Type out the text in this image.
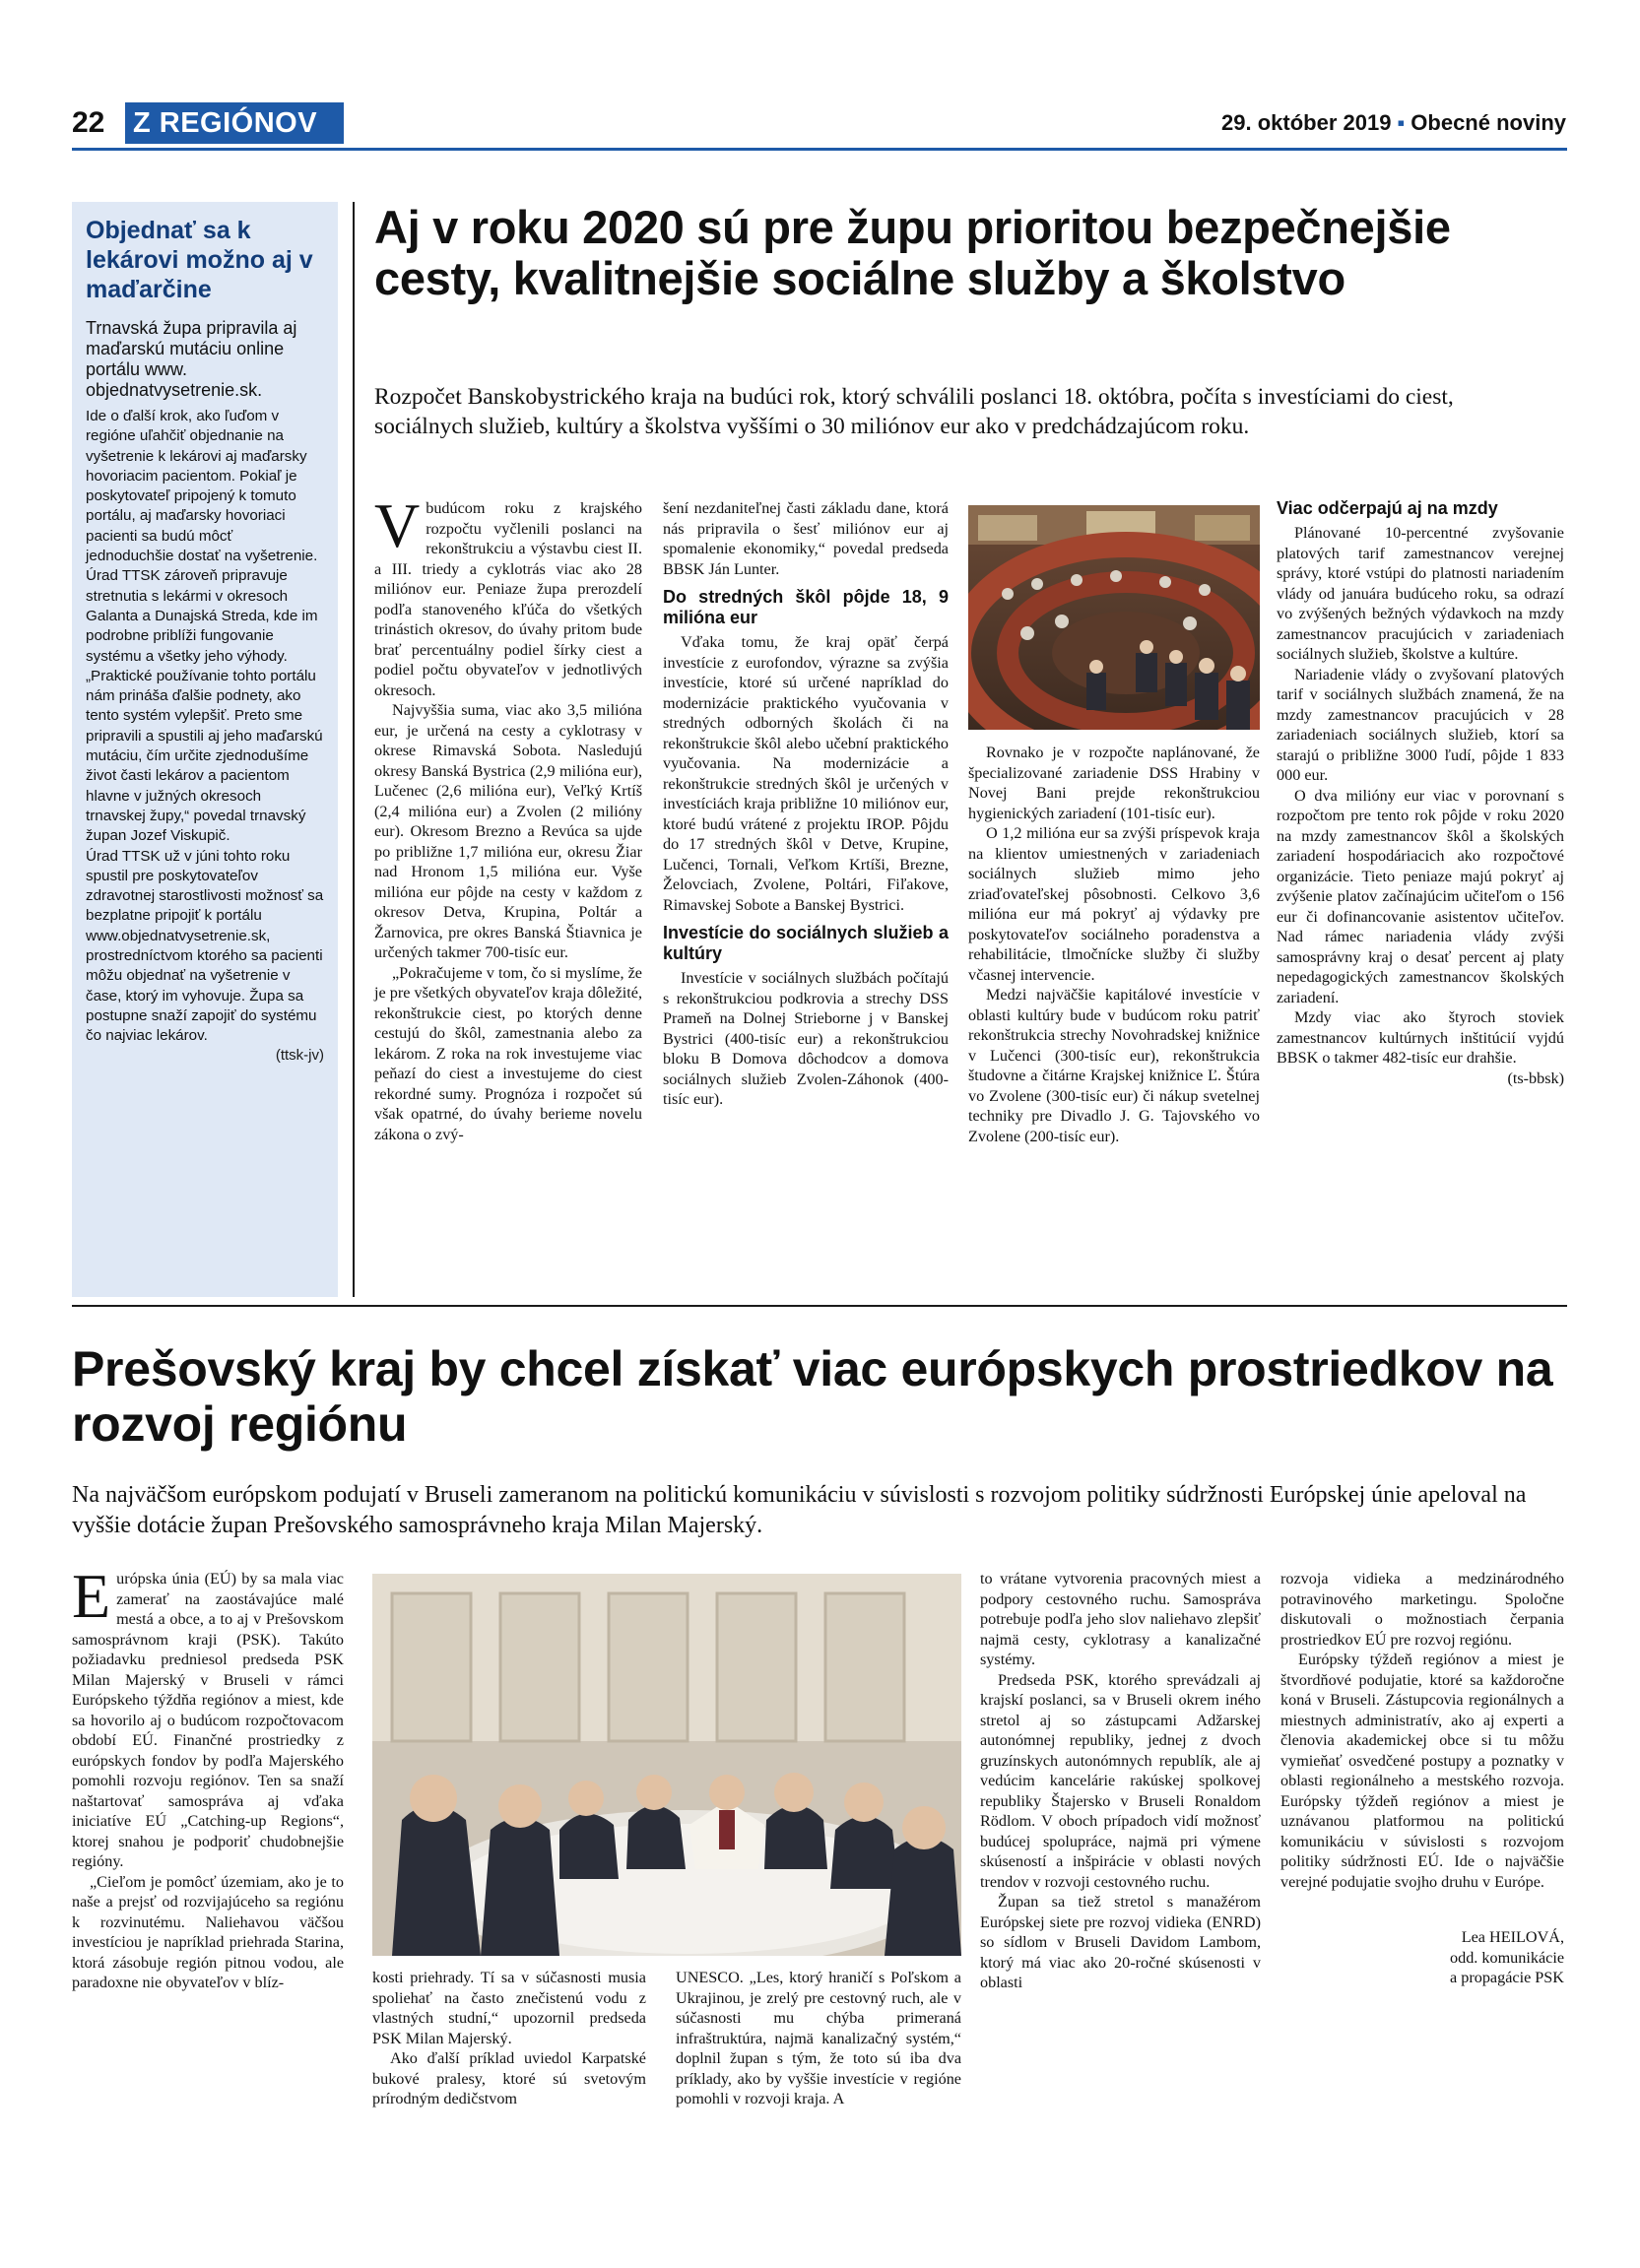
22 Z REGIÓNOV	29. október 2019 ▪ Obecné noviny
Objednať sa k lekárovi možno aj v maďarčine
Trnavská župa pripravila aj maďarskú mutáciu online portálu www. objednatvysetrenie.sk.

Ide o ďalší krok, ako ľuďom v regióne uľahčiť objednanie na vyšetrenie k lekárovi aj maďarsky hovoriacim pacientom. Pokiaľ je poskytovateľ pripojený k tomuto portálu, aj maďarsky hovoriaci pacienti sa budú môcť jednoduchšie dostať na vyšetrenie. Úrad TTSK zároveň pripravuje stretnutia s lekármi v okresoch Galanta a Dunajská Streda, kde im podrobne priblíži fungovanie systému a všetky jeho výhody.

„Praktické používanie tohto portálu nám prináša ďalšie podnety, ako tento systém vylepšiť. Preto sme pripravili a spustili aj jeho maďarskú mutáciu, čím určite zjednodušíme život časti lekárov a pacientom hlavne v južných okresoch trnavskej župy,“ povedal trnavský župan Jozef Viskupič.

Úrad TTSK už v júni tohto roku spustil pre poskytovateľov zdravotnej starostlivosti možnosť sa bezplatne pripojiť k portálu www.objednatvysetrenie.sk, prostredníctvom ktorého sa pacienti môžu objednať na vyšetrenie v čase, ktorý im vyhovuje. Župa sa postupne snaží zapojiť do systému čo najviac lekárov.

(ttsk-jv)

Aj v roku 2020 sú pre župu prioritou bezpečnejšie cesty, kvalitnejšie sociálne služby a školstvo
Rozpočet Banskobystrického kraja na budúci rok, ktorý schválili poslanci 18. októbra, počíta s investíciami do ciest, sociálnych služieb, kultúry a školstva vyššími o 30 miliónov eur ako v predchádzajúcom roku.

Vbudúcom roku z krajského rozpočtu vyčlenili poslanci na rekonštrukciu a výstavbu ciest II. a III. triedy a cyklotrás viac ako 28 miliónov eur. Peniaze župa prerozdelí podľa stanoveného kľúča do všetkých trinástich okresov, do úvahy pritom bude brať percentuálny podiel šírky ciest a podiel počtu obyvateľov v jednotlivých okresoch.

Najvyššia suma, viac ako 3,5 milióna eur, je určená na cesty a cyklotrasy v okrese Rimavská Sobota. Nasledujú okresy Banská Bystrica (2,9 milióna eur), Lučenec (2,6 milióna eur), Veľký Krtíš (2,4 milióna eur) a Zvolen (2 milióny eur). Okresom Brezno a Revúca sa ujde po približne 1,7 milióna eur, okresu Žiar nad Hronom 1,5 milióna eur. Vyše milióna eur pôjde na cesty v každom z okresov Detva, Krupina, Poltár a Žarnovica, pre okres Banská Štiavnica je určených takmer 700-tisíc eur.

„Pokračujeme v tom, čo si myslíme, že je pre všetkých obyvateľov kraja dôležité, rekonštrukcie ciest, po ktorých denne cestujú do škôl, zamestnania alebo za lekárom. Z roka na rok investujeme viac peňazí do ciest a investujeme do ciest rekordné sumy. Prognóza i rozpočet sú však opatrné, do úvahy berieme novelu zákona o zvý-

šení nezdaniteľnej časti základu dane, ktorá nás pripravila o šesť miliónov eur aj spomalenie ekonomiky,“ povedal predseda BBSK Ján Lunter.

Do stredných škôl pôjde 18, 9 milióna eur

Vďaka tomu, že kraj opäť čerpá investície z eurofondov, výrazne sa zvýšia investície, ktoré sú určené napríklad do modernizácie praktického vyučovania v stredných odborných školách či na rekonštrukcie škôl alebo učební praktického vyučovania. Na modernizácie a rekonštrukcie stredných škôl je určených v investíciách kraja približne 10 miliónov eur, ktoré budú vrátené z projektu IROP. Pôjdu do 17 stredných škôl v Detve, Krupine, Lučenci, Tornali, Veľkom Krtíši, Brezne, Želovciach, Zvolene, Poltári, Fiľakove, Rimavskej Sobote a Banskej Bystrici.

Investície do sociálnych služieb a kultúry

Investície v sociálnych službách počítajú s rekonštrukciou podkrovia a strechy DSS Prameň na Dolnej Strieborne j v Banskej Bystrici (400-tisíc eur) a rekonštrukciou bloku B Domova dôchodcov a domova sociálnych služieb Zvolen-Záhonok (400-tisíc eur).

Rovnako je v rozpočte naplánované, že špecializované zariadenie DSS Hrabiny v Novej Bani prejde rekonštrukciou hygienických zariadení (101-tisíc eur).

O 1,2 milióna eur sa zvýši príspevok kraja na klientov umiestnených v zariadeniach sociálnych služieb mimo jeho zriaďovateľskej pôsobnosti. Celkovo 3,6 milióna eur má pokryť aj výdavky pre poskytovateľov sociálneho poradenstva a rehabilitácie, tlmočnícke služby či služby včasnej intervencie.

Medzi najväčšie kapitálové investície v oblasti kultúry bude v budúcom roku patriť rekonštrukcia strechy Novohradskej knižnice v Lučenci (300-tisíc eur), rekonštrukcia študovne a čitárne Krajskej knižnice Ľ. Štúra vo Zvolene (300-tisíc eur) či nákup svetelnej techniky pre Divadlo J. G. Tajovského vo Zvolene (200-tisíc eur).

Viac odčerpajú aj na mzdy

Plánované 10-percentné zvyšovanie platových tarif zamestnancov verejnej správy, ktoré vstúpi do platnosti nariadením vlády od januára budúceho roku, sa odrazí vo zvýšených bežných výdavkoch na mzdy zamestnancov pracujúcich v zariadeniach sociálnych služieb, školstve a kultúre.

Nariadenie vlády o zvyšovaní platových tarif v sociálnych službách znamená, že na mzdy zamestnancov pracujúcich v 28 zariadeniach sociálnych služieb, ktorí sa starajú o približne 3000 ľudí, pôjde 1 833 000 eur.

O dva milióny eur viac v porovnaní s rozpočtom pre tento rok pôjde v roku 2020 na mzdy zamestnancov škôl a školských zariadení hospodáriacich ako rozpočtové organizácie. Tieto peniaze majú pokryť aj zvýšenie platov začínajúcim učiteľom o 156 eur či dofinancovanie asistentov učiteľov. Nad rámec nariadenia vlády zvýši samosprávny kraj o desať percent aj platy nepedagogických zamestnancov školských zariadení.

Mzdy viac ako štyroch stoviek zamestnancov kultúrnych inštitúcií vyjdú BBSK o takmer 482-tisíc eur drahšie.

(ts-bbsk)

Prešovský kraj by chcel získať viac európskych prostriedkov na rozvoj regiónu
Na najväčšom európskom podujatí v Bruseli zameranom na politickú komunikáciu v súvislosti s rozvojom politiky súdržnosti Európskej únie apeloval na vyššie dotácie župan Prešovského samosprávneho kraja Milan Majerský.

Európska únia (EÚ) by sa mala viac zamerať na zaostávajúce malé mestá a obce, a to aj v Prešovskom samosprávnom kraji (PSK). Takúto požiadavku predniesol predseda PSK Milan Majerský v Bruseli v rámci Európskeho týždňa regiónov a miest, kde sa hovorilo aj o budúcom rozpočtovacom období EÚ. Finančné prostriedky z európskych fondov by podľa Majerského pomohli rozvoju regiónov. Ten sa snaží naštartovať samospráva aj vďaka iniciatíve EÚ „Catching-up Regions“, ktorej snahou je podporiť chudobnejšie regióny.

„Cieľom je pomôcť územiam, ako je to naše a prejsť od rozvijajúceho sa regiónu k rozvinutému. Naliehavou väčšou investíciou je napríklad priehrada Starina, ktorá zásobuje región pitnou vodou, ale paradoxne nie obyvateľov v blíz-	kosti priehrady. Tí sa v súčasnosti musia spoliehať na často znečistenú vodu z vlastných studní,“ upozornil predseda PSK Milan Majerský.

Ako ďalší príklad uviedol Karpatské bukové pralesy, ktoré sú svetovým prírodným dedičstvom

UNESCO. „Les, ktorý hraničí s Poľskom a Ukrajinou, je zrelý pre cestovný ruch, ale v súčasnosti mu chýba primeraná infraštruktúra, najmä kanalizačný systém,“ doplnil župan s tým, že toto sú iba dva príklady, ako by vyššie investície v regióne pomohli v rozvoji kraja. A

to vrátane vytvorenia pracovných miest a podpory cestovného ruchu. Samospráva potrebuje podľa jeho slov naliehavo zlepšiť najmä cesty, cyklotrasy a kanalizačné systémy.

Predseda PSK, ktorého sprevádzali aj krajskí poslanci, sa v Bruseli okrem iného stretol aj so zástupcami Adžarskej autonómnej republiky, jednej z dvoch gruzínskych autonómnych republík, ale aj vedúcim kancelárie rakúskej spolkovej republiky Štajersko v Bruseli Ronaldom Rödlom. V oboch prípadoch vidí možnosť budúcej spolupráce, najmä pri výmene skúseností a inšpirácie v oblasti nových trendov v rozvoji cestovného ruchu.

Župan sa tiež stretol s manažérom Európskej siete pre rozvoj vidieka (ENRD) so sídlom v Bruseli Davidom Lambom, ktorý má viac ako 20-ročné skúsenosti v oblasti

rozvoja vidieka a medzinárodného potravinového marketingu. Spoločne diskutovali o možnostiach čerpania prostriedkov EÚ pre rozvoj regiónu.

Európsky týždeň regiónov a miest je štvordňové podujatie, ktoré sa každoročne koná v Bruseli. Zástupcovia regionálnych a miestnych administratív, ako aj experti a členovia akademickej obce si tu môžu vymieňať osvedčené postupy a poznatky v oblasti regionálneho a mestského rozvoja. Európsky týždeň regiónov a miest je uznávanou platformou na politickú komunikáciu v súvislosti s rozvojom politiky súdržnosti EÚ. Ide o najväčšie verejné podujatie svojho druhu v Európe.

Lea HEILOVÁ,
odd. komunikácie
a propagácie PSK
